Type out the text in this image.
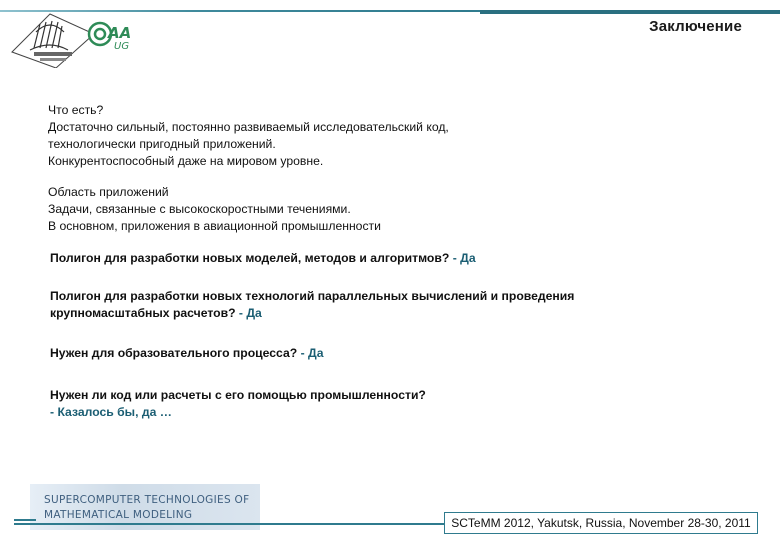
AA
UG
Заключение

Что есть?

Достаточно сильный, постоянно развиваемый исследовательский код,

технологически пригодный приложений.

Конкурентоспособный даже на мировом уровне.

Область приложений

Задачи, связанные с высокоскоростными течениями.

В основном, приложения в авиационной промышленности

Полигон для разработки новых моделей, методов и алгоритмов? - Да

Полигон для разработки новых технологий параллельных вычислений и проведения
крупномасштабных расчетов? - Да

Нужен для образовательного процесса? - Да

Нужен ли код или расчеты с его помощью промышленности?
- Казалось бы, да …
SUPERCOMPUTER TECHNOLOGIES OF
MATHEMATICAL MODELING
SCTeMM 2012, Yakutsk, Russia, November 28-30, 2011
